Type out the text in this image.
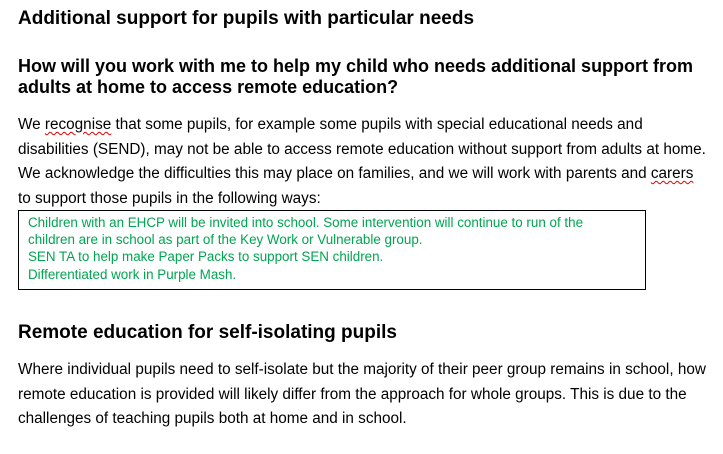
Additional support for pupils with particular needs
How will you work with me to help my child who needs additional support from adults at home to access remote education?

We recognise that some pupils, for example some pupils with special educational needs and disabilities (SEND), may not be able to access remote education without support from adults at home. We acknowledge the difficulties this may place on families, and we will work with parents and carers to support those pupils in the following ways:

Children with an EHCP will be invited into school. Some intervention will continue to run of the
children are in school as part of the Key Work or Vulnerable group.
SEN TA to help make Paper Packs to support SEN children.
Differentiated work in Purple Mash.
Remote education for self-isolating pupils

Where individual pupils need to self-isolate but the majority of their peer group remains in school, how remote education is provided will likely differ from the approach for whole groups. This is due to the challenges of teaching pupils both at home and in school.
